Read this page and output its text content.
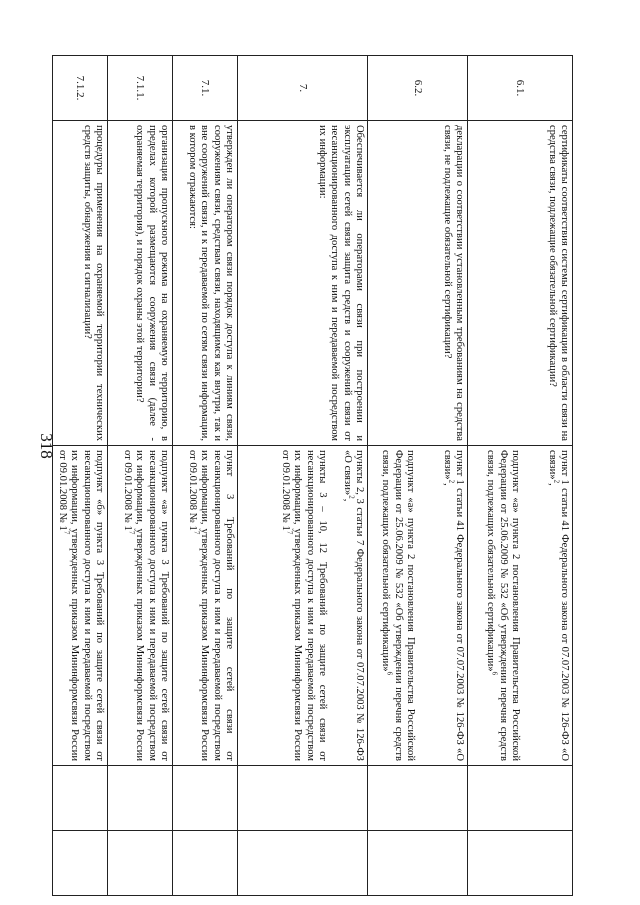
318
6.1.	сертификаты соответствия системы сертификации в области связи на средства связи, подлежащие обязательной сертификации?	пункт 1 статьи 41 Федерального закона от 07.07.2003 № 126-ФЗ «О связи»$^2$,
подпункт «а» пункта 2 постановления Правительства Российской Федерации от 25.06.2009 № 532 «Об утверждении перечня средств связи, подлежащих обязательной сертификации»$^6$

6.2.	декларации о соответствии установленным требованиям на средства связи, не подлежащие обязательной сертификации?	пункт 1 статьи 41 Федерального закона от 07.07.2003 № 126-ФЗ «О связи»$^2$,
подпункт «а» пункта 2 постановления Правительства Российской Федерации от 25.06.2009 № 532 «Об утверждении перечня средств связи, подлежащих обязательной сертификации»$^6$

7.	Обеспечивается ли операторами связи при построении и эксплуатации сетей связи защита средств и сооружений связи от несанкционированного доступа к ним и передаваемой посредством их информации:	пункты 2, 3 статьи 7 Федерального закона от 07.07.2003 № 126-ФЗ «О связи»$^2$,
пункты 3 – 10, 12 Требований по защите сетей связи от несанкционированного доступа к ним и передаваемой посредством их информации, утвержденных приказом Мининформсвязи России от 09.01.2008 № $1^7$

7.1.	утвержден ли оператором связи порядок доступа к линиям связи, сооружениям связи, средствам связи, находящимся как внутри, так и вне сооружений связи, и к передаваемой по сетям связи информации, в котором отражаются:	пункт 3 Требований по защите сетей связи от несанкционированного доступа к ним и передаваемой посредством их информации, утвержденных приказом Мининформсвязи России от 09.01.2008 № $1^7$

7.1.1.	организация пропускного режима на охраняемую территорию, в пределах которой размещаются сооружения связи (далее - охраняемая территория), и порядок охраны этой территории?	подпункт «а» пункта 3 Требований по защите сетей связи от несанкционированного доступа к ним и передаваемой посредством их информации, утвержденных приказом Мининформсвязи России от 09.01.2008 № $1^7$

7.1.2.	процедуры применения на охраняемой территории технических средств защиты, обнаружения и сигнализации?	подпункт «б» пункта 3 Требований по защите сетей связи от несанкционированного доступа к ним и передаваемой посредством их информации, утвержденных приказом Мининформсвязи России от 09.01.2008 № $1^7$
